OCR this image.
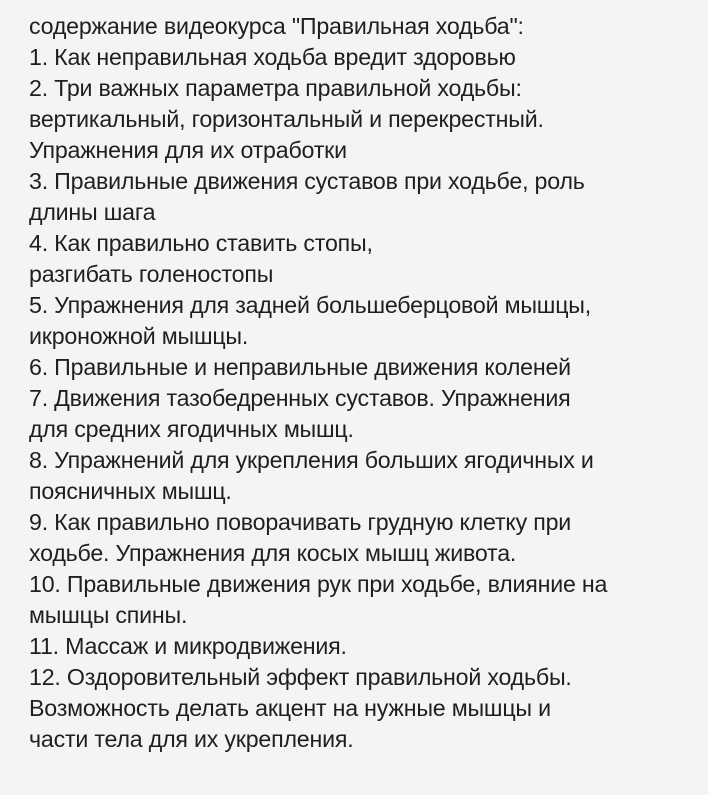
содержание видеокурса "Правильная ходьба":

1. Как неправильная ходьба вредит здоровью

2. Три важных параметра правильной ходьбы:

вертикальный, горизонтальный и перекрестный.

Упражнения для их отработки

3. Правильные движения суставов при ходьбе, роль

длины шага

4. Как правильно ставить стопы,

разгибать голеностопы

5. Упражнения для задней большеберцовой мышцы,

икроножной мышцы.

6. Правильные и неправильные движения коленей

7. Движения тазобедренных суставов. Упражнения

для средних ягодичных мышц.

8. Упражнений для укрепления больших ягодичных и

поясничных мышц.

9. Как правильно поворачивать грудную клетку при

ходьбе. Упражнения для косых мышц живота.

10. Правильные движения рук при ходьбе, влияние на

мышцы спины.

11. Массаж и микродвижения.

12. Оздоровительный эффект правильной ходьбы.

Возможность делать акцент на нужные мышцы и

части тела для их укрепления.
